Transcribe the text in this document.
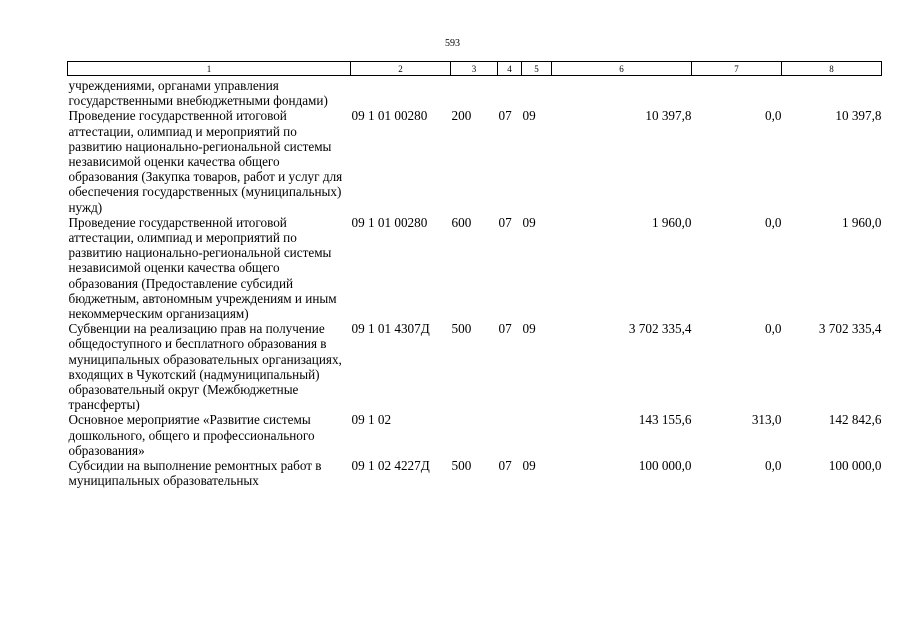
593
1	2	3	4	5	6	7	8
учреждениями, органами управления государственными внебюджетными фондами)							
Проведение государственной итоговой аттестации, олимпиад и мероприятий по развитию национально-региональной системы независимой оценки качества общего образования (Закупка товаров, работ и услуг для обеспечения государственных (муниципальных) нужд)	09 1 01 00280	200	07	09	10 397,8	0,0	10 397,8
Проведение государственной итоговой аттестации, олимпиад и мероприятий по развитию национально-региональной системы независимой оценки качества общего образования (Предоставление субсидий бюджетным, автономным учреждениям и иным некоммерческим организациям)	09 1 01 00280	600	07	09	1 960,0	0,0	1 960,0
Субвенции на реализацию прав на получение общедоступного и бесплатного образования в муниципальных образовательных организациях, входящих в Чукотский (надмуниципальный) образовательный округ (Межбюджетные трансферты)	09 1 01 4307Д	500	07	09	3 702 335,4	0,0	3 702 335,4
Основное мероприятие «Развитие системы дошкольного, общего и профессионального образования»	09 1 02				143 155,6	313,0	142 842,6
Субсидии на выполнение ремонтных работ в муниципальных образовательных	09 1 02 4227Д	500	07	09	100 000,0	0,0	100 000,0
